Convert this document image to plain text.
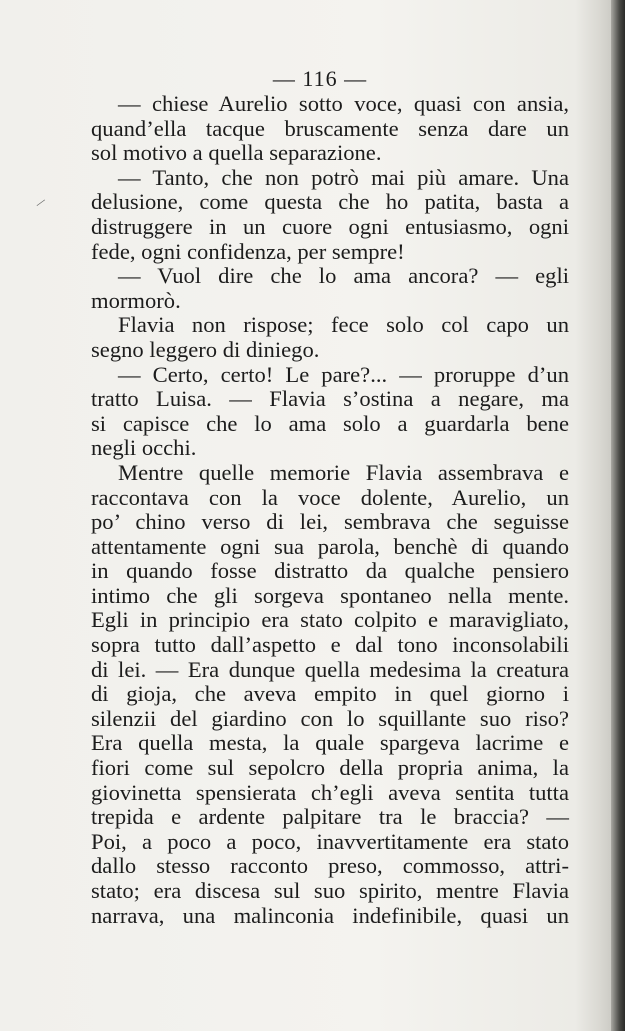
— 116 —
/
— chiese Aurelio sotto voce, quasi con ansia,
quand’ella tacque bruscamente senza dare un
sol motivo a quella separazione.
— Tanto, che non potrò mai più amare. Una
delusione, come questa che ho patita, basta a
distruggere in un cuore ogni entusiasmo, ogni
fede, ogni confidenza, per sempre!
— Vuol dire che lo ama ancora? — egli
mormorò.
Flavia non rispose; fece solo col capo un
segno leggero di diniego.
— Certo, certo! Le pare?... — proruppe d’un
tratto Luisa. — Flavia s’ostina a negare, ma
si capisce che lo ama solo a guardarla bene
negli occhi.
Mentre quelle memorie Flavia assembrava e
raccontava con la voce dolente, Aurelio, un
po’ chino verso di lei, sembrava che seguisse
attentamente ogni sua parola, benchè di quando
in quando fosse distratto da qualche pensiero
intimo che gli sorgeva spontaneo nella mente.
Egli in principio era stato colpito e maravigliato,
sopra tutto dall’aspetto e dal tono inconsolabili
di lei. — Era dunque quella medesima la creatura
di gioja, che aveva empito in quel giorno i
silenzii del giardino con lo squillante suo riso?
Era quella mesta, la quale spargeva lacrime e
fiori come sul sepolcro della propria anima, la
giovinetta spensierata ch’egli aveva sentita tutta
trepida e ardente palpitare tra le braccia? —
Poi, a poco a poco, inavvertitamente era stato
dallo stesso racconto preso, commosso, attri-
stato; era discesa sul suo spirito, mentre Flavia
narrava, una malinconia indefinibile, quasi un
